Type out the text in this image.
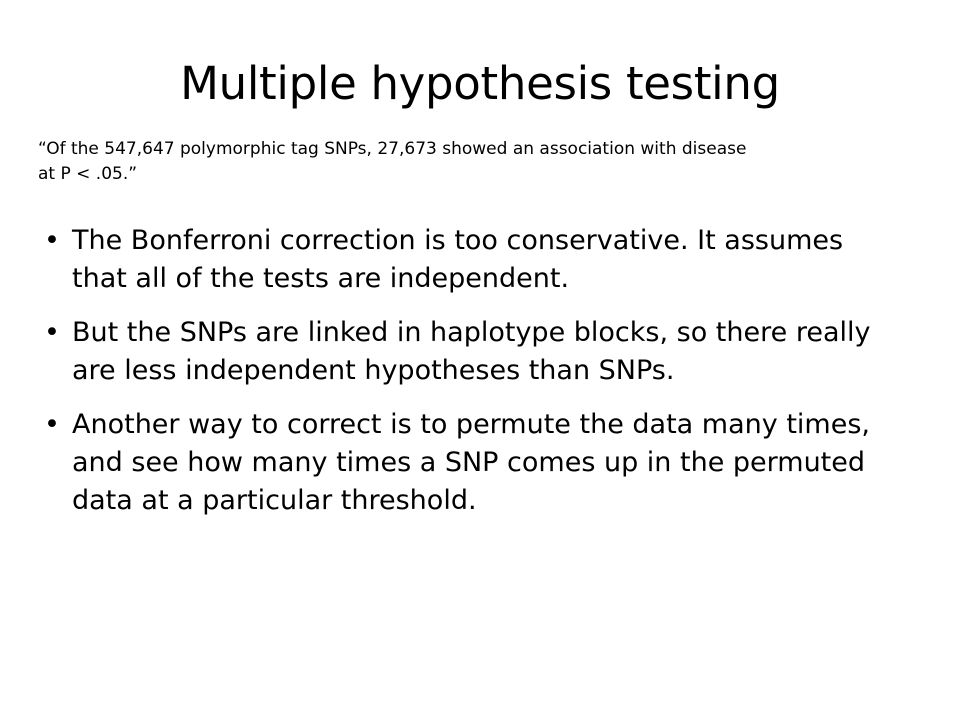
Multiple hypothesis testing

“Of the 547,647 polymorphic tag SNPs, 27,673 showed an association with disease at P < .05.”

• The Bonferroni correction is too conservative. It assumes that all of the tests are independent.
• But the SNPs are linked in haplotype blocks, so there really are less independent hypotheses than SNPs.
• Another way to correct is to permute the data many times, and see how many times a SNP comes up in the permuted data at a particular threshold.
